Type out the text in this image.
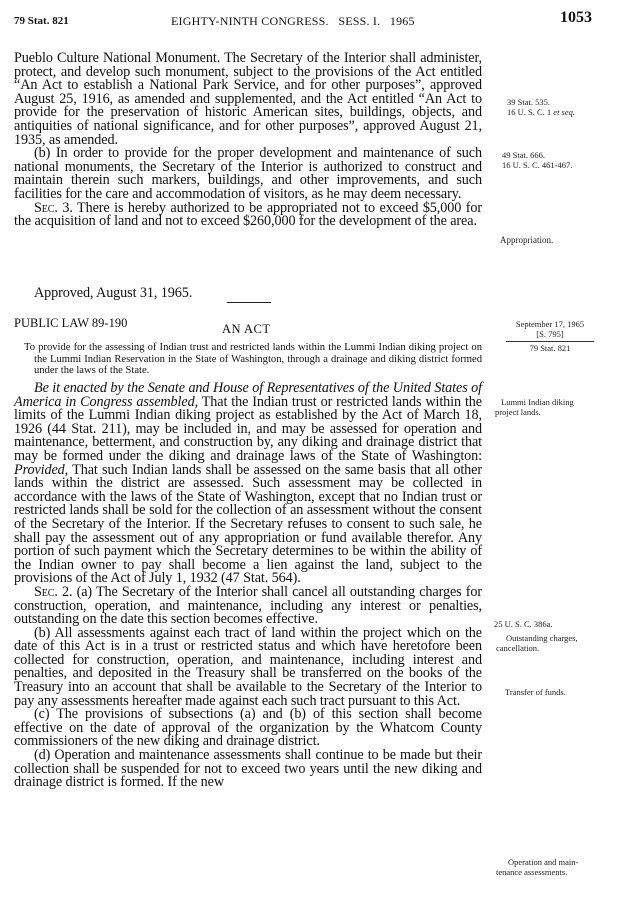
79 Stat. 821	EIGHTY-NINTH CONGRESS.   SESS. I.   1965	1053

Pueblo Culture National Monument. The Secretary of the Interior shall administer, protect, and develop such monument, subject to the provisions of the Act entitled “An Act to establish a National Park Service, and for other purposes”, approved August 25, 1916, as amended and supplemented, and the Act entitled “An Act to provide for the preservation of historic American sites, buildings, objects, and antiquities of national significance, and for other purposes”, approved August 21, 1935, as amended.

(b) In order to provide for the proper development and maintenance of such national monuments, the Secretary of the Interior is authorized to construct and maintain therein such markers, buildings, and other improvements, and such facilities for the care and accommodation of visitors, as he may deem necessary.

Sec. 3. There is hereby authorized to be appropriated not to exceed $5,000 for the acquisition of land and not to exceed $260,000 for the development of the area.

Approved, August 31, 1965.

PUBLIC LAW 89-190	AN ACT

To provide for the assessing of Indian trust and restricted lands within the Lummi Indian diking project on the Lummi Indian Reservation in the State of Washington, through a drainage and diking district formed under the laws of the State.

Be it enacted by the Senate and House of Representatives of the United States of America in Congress assembled, That the Indian trust or restricted lands within the limits of the Lummi Indian diking project as established by the Act of March 18, 1926 (44 Stat. 211), may be included in, and may be assessed for operation and maintenance, betterment, and construction by, any diking and drainage district that may be formed under the diking and drainage laws of the State of Washington: Provided, That such Indian lands shall be assessed on the same basis that all other lands within the district are assessed. Such assessment may be collected in accordance with the laws of the State of Washington, except that no Indian trust or restricted lands shall be sold for the collection of an assessment without the consent of the Secretary of the Interior. If the Secretary refuses to consent to such sale, he shall pay the assessment out of any appropriation or fund available therefor. Any portion of such payment which the Secretary determines to be within the ability of the Indian owner to pay shall become a lien against the land, subject to the provisions of the Act of July 1, 1932 (47 Stat. 564).

Sec. 2. (a) The Secretary of the Interior shall cancel all outstanding charges for construction, operation, and maintenance, including any interest or penalties, outstanding on the date this section becomes effective.

(b) All assessments against each tract of land within the project which on the date of this Act is in a trust or restricted status and which have heretofore been collected for construction, operation, and maintenance, including interest and penalties, and deposited in the Treasury shall be transferred on the books of the Treasury into an account that shall be available to the Secretary of the Interior to pay any assessments hereafter made against each such tract pursuant to this Act.

(c) The provisions of subsections (a) and (b) of this section shall become effective on the date of approval of the organization by the Whatcom County commissioners of the new diking and drainage district.

(d) Operation and maintenance assessments shall continue to be made but their collection shall be suspended for not to exceed two years until the new diking and drainage district is formed. If the new

39 Stat. 535.
16 U. S. C. 1 et seq.
49 Stat. 666.
16 U. S. C. 461-467.
Appropriation.
September 17, 1965
[S. 795]
79 Stat. 821
Lummi Indian diking
project lands.
25 U. S. C. 386a.
Outstanding charges,
cancellation.
Transfer of funds.
Operation and main-
tenance assessments.
